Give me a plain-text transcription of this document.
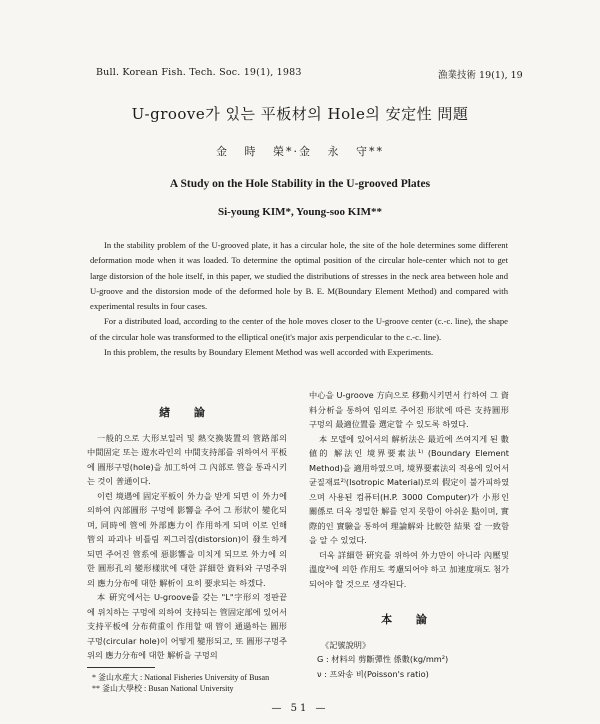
Bull. Korean Fish. Tech. Soc. 19(1), 1983	漁業技術 19(1), 19
U-groove가 있는 平板材의 Hole의 安定性 問題
金 時 榮*·金 永 守**
A Study on the Hole Stability in the U-grooved Plates
Si-young KIM*, Young-soo KIM**

In the stability problem of the U-grooved plate, it has a circular hole, the site of the hole determines some different deformation mode when it was loaded. To determine the optimal position of the circular hole-center which not to get large distorsion of the hole itself, in this paper, we studied the distributions of stresses in the neck area between hole and U-groove and the distorsion mode of the deformed hole by B. E. M(Boundary Element Method) and compared with experimental results in four cases.

For a distributed load, according to the center of the hole moves closer to the U-groove center (c.-c. line), the shape of the circular hole was transformed to the elliptical one(it's major axis perpendicular to the c.-c. line).

In this problem, the results by Boundary Element Method was well accorded with Experiments.

緖 論

一般的으로 大形보일러 및 熱交換裝置의 管路部의 中間固定 또는 遊水라인의 中間支持部를 위하여서 平板에 圓形구멍(hole)을 加工하여 그 內部로 管을 통과시키는 것이 普通이다.

이런 境遇에 固定平板이 外力을 받게 되면 이 外力에 의하여 內部圓形 구멍에 影響을 주어 그 形狀이 變化되며, 同時에 管에 外部應力이 作用하게 되며 이로 인해 管의 파괴나 비틀림 찌그러짐(distorsion)이 發生하게 되면 주어진 管系에 惡影響을 미치게 되므로 外力에 의한 圓形孔의 變形樣狀에 대한 詳細한 資料와 구멍주위의 應力分布에 대한 解析이 요히 要求되는 하겠다.

本 硏究에서는 U-groove를 갖는 "L"字形의 정판끝에 위치하는 구멍에 의하여 支持되는 管固定部에 있어서 支持平板에 分布荷重이 作用할 때 管이 通過하는 圓形구멍(circular hole)이 어떻게 變形되고, 또 圓形구멍주위의 應力分布에 대한 解析을 구멍의

中心을 U-groove 方向으로 移動시키면서 行하여 그 資料分析을 통하여 임의로 주어진 形狀에 따른 支持圓形구멍의 最適位置를 選定할 수 있도록 하였다.

本 모델에 있어서의 解析法은 最近에 쓰여지게 된 數値的 解法인 境界要素法¹⁾ (Boundary Element Method)을 適用하였으며, 境界要素法의 적용에 있어서 균질재료²⁾(Isotropic Material)로의 假定이 불가피하였으며 사용된 컴퓨터(H.P. 3000 Computer)가 小形인 關係로 더욱 정밀한 解를 얻지 못함이 아쉬운 點이며, 實際的인 實驗을 통하여 理論解와 比較한 結果 잘 一致함을 알 수 있었다.

더욱 詳細한 硏究를 위하여 外力만이 아니라 內壓및 溫度³⁾에 의한 作用도 考慮되어야 하고 加速度項도 첨가되어야 할 것으로 생각된다.

本 論

《記號說明》

G : 材料의 剪斷彈性 係數(kg/mm²)

ν : 프와송 비(Poisson's ratio)

* 釜山水産大 : National Fisheries University of Busan
** 釜山大學校 : Busan National University
— 51 —
